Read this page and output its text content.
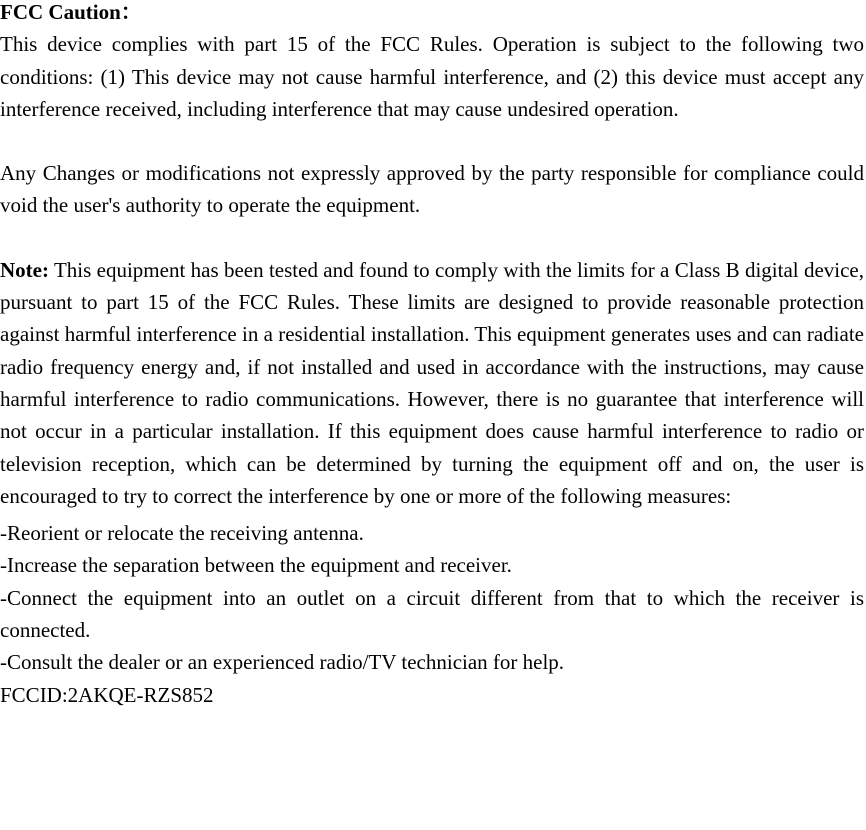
FCC Caution：

This device complies with part 15 of the FCC Rules. Operation is subject to the following two conditions: (1) This device may not cause harmful interference, and (2) this device must accept any interference received, including interference that may cause undesired operation.

Any Changes or modifications not expressly approved by the party responsible for compliance could void the user's authority to operate the equipment.

Note: This equipment has been tested and found to comply with the limits for a Class B digital device, pursuant to part 15 of the FCC Rules. These limits are designed to provide reasonable protection against harmful interference in a residential installation. This equipment generates uses and can radiate radio frequency energy and, if not installed and used in accordance with the instructions, may cause harmful interference to radio communications. However, there is no guarantee that interference will not occur in a particular installation. If this equipment does cause harmful interference to radio or television reception, which can be determined by turning the equipment off and on, the user is encouraged to try to correct the interference by one or more of the following measures:

-Reorient or relocate the receiving antenna.

-Increase the separation between the equipment and receiver.

-Connect the equipment into an outlet on a circuit different from that to which the receiver is connected.

-Consult the dealer or an experienced radio/TV technician for help.

FCCID:2AKQE-RZS852
